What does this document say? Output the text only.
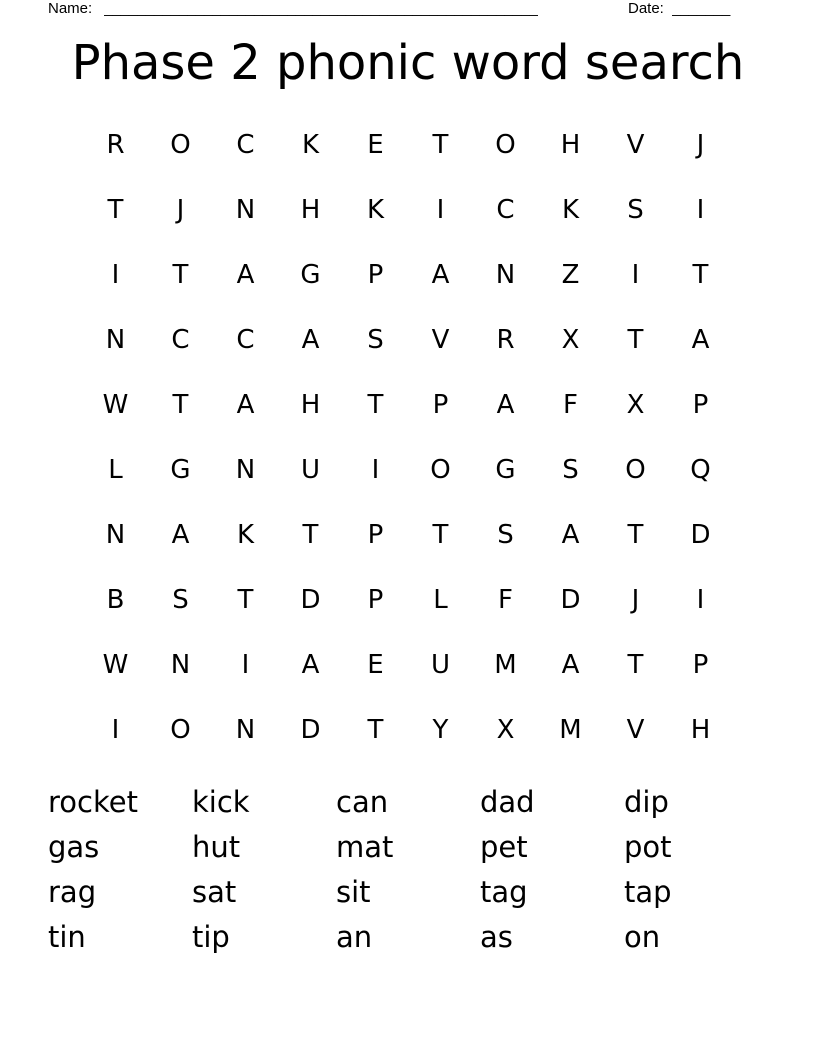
Name: ____________________________________________________	Date: _______
Phase 2 phonic word search
R	O	C	K	E	T	O	H	V	J
T	J	N	H	K	I	C	K	S	I
I	T	A	G	P	A	N	Z	I	T
N	C	C	A	S	V	R	X	T	A
W	T	A	H	T	P	A	F	X	P
L	G	N	U	I	O	G	S	O	Q
N	A	K	T	P	T	S	A	T	D
B	S	T	D	P	L	F	D	J	I
W	N	I	A	E	U	M	A	T	P
I	O	N	D	T	Y	X	M	V	H
rocket	kick	can	dad	dip
gas	hut	mat	pet	pot
rag	sat	sit	tag	tap
tin	tip	an	as	on
